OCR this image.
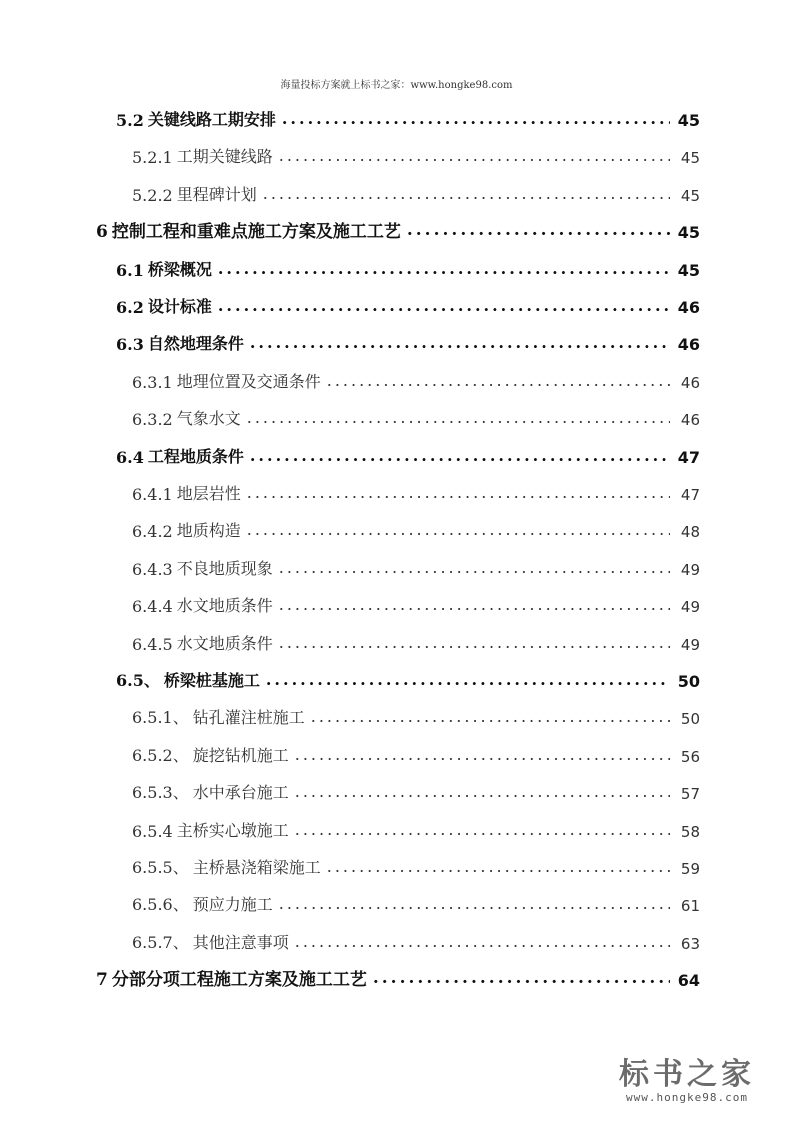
海量投标方案就上标书之家：www.hongke98.com
5.2 关键线路工期安排 .....	45
5.2.1 工期关键线路 .....	45
5.2.2 里程碑计划 .....	45
6 控制工程和重难点施工方案及施工工艺 .....	45
6.1 桥梁概况 .....	45
6.2 设计标准 .....	46
6.3 自然地理条件 .....	46
6.3.1 地理位置及交通条件 .....	46
6.3.2 气象水文 .....	46
6.4 工程地质条件 .....	47
6.4.1 地层岩性 .....	47
6.4.2 地质构造 .....	48
6.4.3 不良地质现象 .....	49
6.4.4 水文地质条件 .....	49
6.4.5 水文地质条件 .....	49
6.5、 桥梁桩基施工 .....	50
6.5.1、 钻孔灌注桩施工 .....	50
6.5.2、 旋挖钻机施工 .....	56
6.5.3、 水中承台施工 .....	57
6.5.4 主桥实心墩施工 .....	58
6.5.5、 主桥悬浇箱梁施工 .....	59
6.5.6、 预应力施工 .....	61
6.5.7、 其他注意事项 .....	63
7 分部分项工程施工方案及施工工艺 .....	64
标书之家
www.hongke98.com
